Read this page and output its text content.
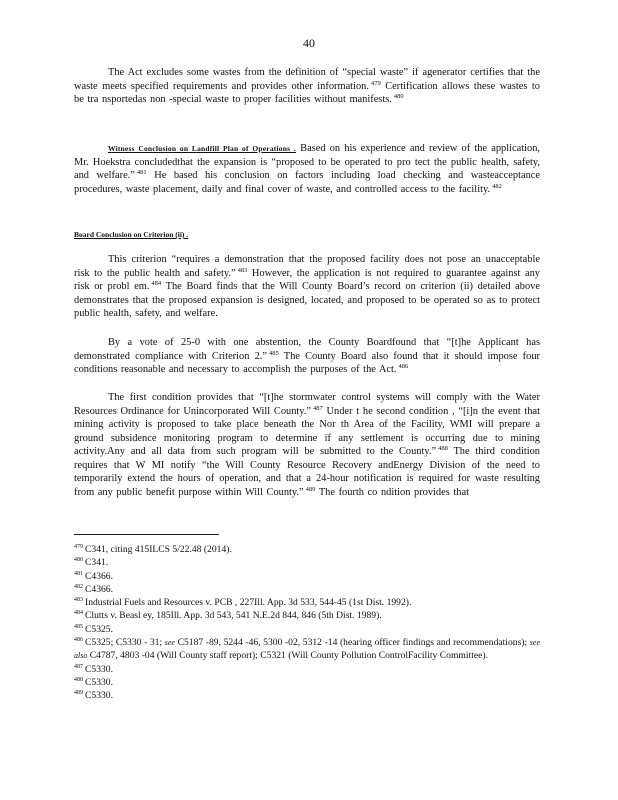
40

The Act excludes some wastes from the definition of “special waste” if agenerator certifies that the waste meets specified requirements and provides other information. $^{479}$ Certification allows these wastes to be tra nsportedas non -special waste to proper facilities without manifests. $^{480}$

Witness Conclusion on Landfill Plan of Operations . Based on his experience and review of the application, Mr. Hoekstra concludedthat the expansion is “proposed to be operated to pro tect the public health, safety, and welfare.” $^{481}$ He based his conclusion on factors including load checking and wasteacceptance procedures, waste placement, daily and final cover of waste, and controlled access to the facility. $^{482}$

Board Conclusion on Criterion (ii) .

This criterion “requires a demonstration that the proposed facility does not pose an unacceptable risk to the public health and safety.” $^{483}$ However, the application is not required to guarantee against any risk or probl em. $^{484}$ The Board finds that the Will County Board’s record on criterion (ii) detailed above demonstrates that the proposed expansion is designed, located, and proposed to be operated so as to protect public health, safety, and welfare.

By a vote of 25-0 with one abstention, the County Boardfound that “[t]he Applicant has demonstrated compliance with Criterion 2.” $^{485}$ The County Board also found that it should impose four conditions reasonable and necessary to accomplish the purposes of the Act. $^{486}$

The first condition provides that “[t]he stormwater control systems will comply with the Water Resources Ordinance for Unincorporated Will County.” $^{487}$ Under t he second condition , “[i]n the event that mining activity is proposed to take place beneath the Nor th Area of the Facility, WMI will prepare a ground subsidence monitoring program to determine if any settlement is occurring due to mining activity.Any and all data from such program will be submitted to the County.” $^{488}$ The third condition requires that W MI notify “the Will County Resource Recovery andEnergy Division of the need to temporarily extend the hours of operation, and that a 24-hour notification is required for waste resulting from any public benefit purpose within Will County.” $^{489}$ The fourth co ndition provides that

$^{479}$ C341, citing 415ILCS 5/22.48 (2014).

$^{480}$ C341.

$^{481}$ C4366.

$^{482}$ C4366.

$^{483}$ Industrial Fuels and Resources v. PCB , 227Ill. App. 3d 533, 544-45 (1st Dist. 1992).

$^{484}$ Clutts v. Beasl ey, 185Ill. App. 3d 543, 541 N.E.2d 844, 846 (5th Dist. 1989).

$^{485}$ C5325.

$^{486}$ C5325; C5330 - 31; see C5187 -89, 5244 -46, 5300 -02, 5312 -14 (hearing officer findings and recommendations); see also C4787, 4803 -04 (Will County staff report); C5321 (Will County Pollution ControlFacility Committee).

$^{487}$ C5330.

$^{488}$ C5330.

$^{489}$ C5330.
